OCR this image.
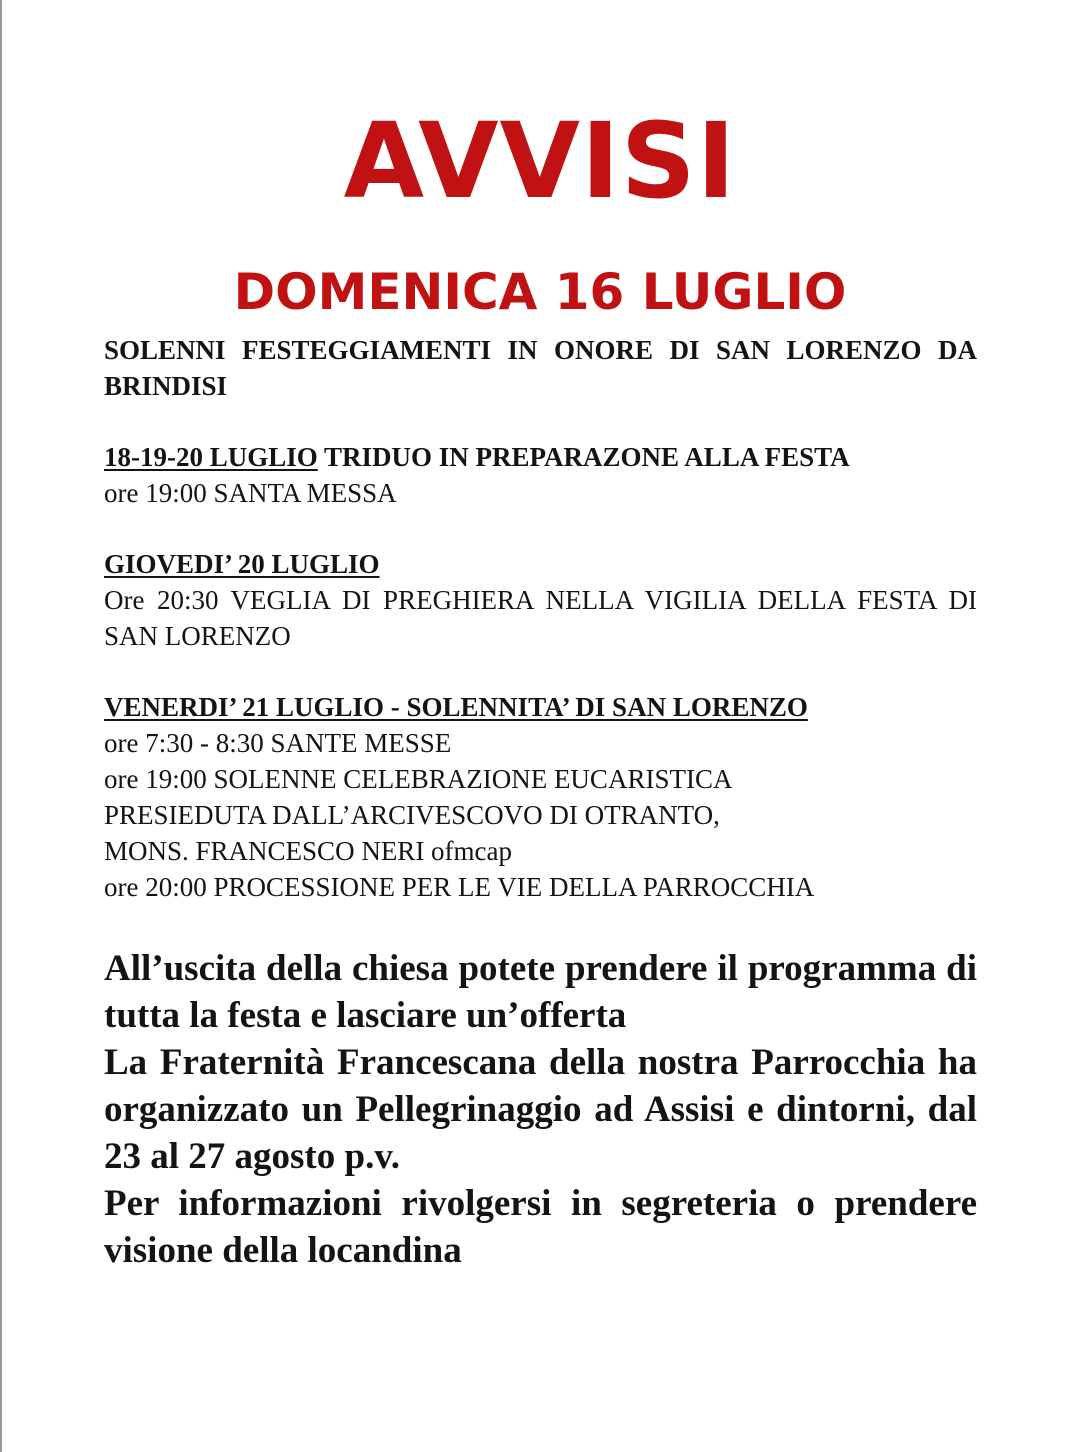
AVVISI
DOMENICA 16 LUGLIO

SOLENNI FESTEGGIAMENTI IN ONORE DI SAN LORENZO DA BRINDISI

18-19-20 LUGLIO TRIDUO IN PREPARAZONE ALLA FESTA

ore 19:00 SANTA MESSA

GIOVEDI’ 20 LUGLIO

Ore 20:30 VEGLIA DI PREGHIERA NELLA VIGILIA DELLA FESTA DI SAN LORENZO

VENERDI’ 21 LUGLIO - SOLENNITA’ DI SAN LORENZO

ore 7:30 - 8:30 SANTE MESSE

ore 19:00 SOLENNE CELEBRAZIONE EUCARISTICA

PRESIEDUTA DALL’ARCIVESCOVO DI OTRANTO,

MONS. FRANCESCO NERI ofmcap

ore 20:00 PROCESSIONE PER LE VIE DELLA PARROCCHIA

All’uscita della chiesa potete prendere il programma di tutta la festa e lasciare un’offerta

La Fraternità Francescana della nostra Parrocchia ha organizzato un Pellegrinaggio ad Assisi e dintorni, dal 23 al 27 agosto p.v.

Per informazioni rivolgersi in segreteria o prendere visione della locandina
